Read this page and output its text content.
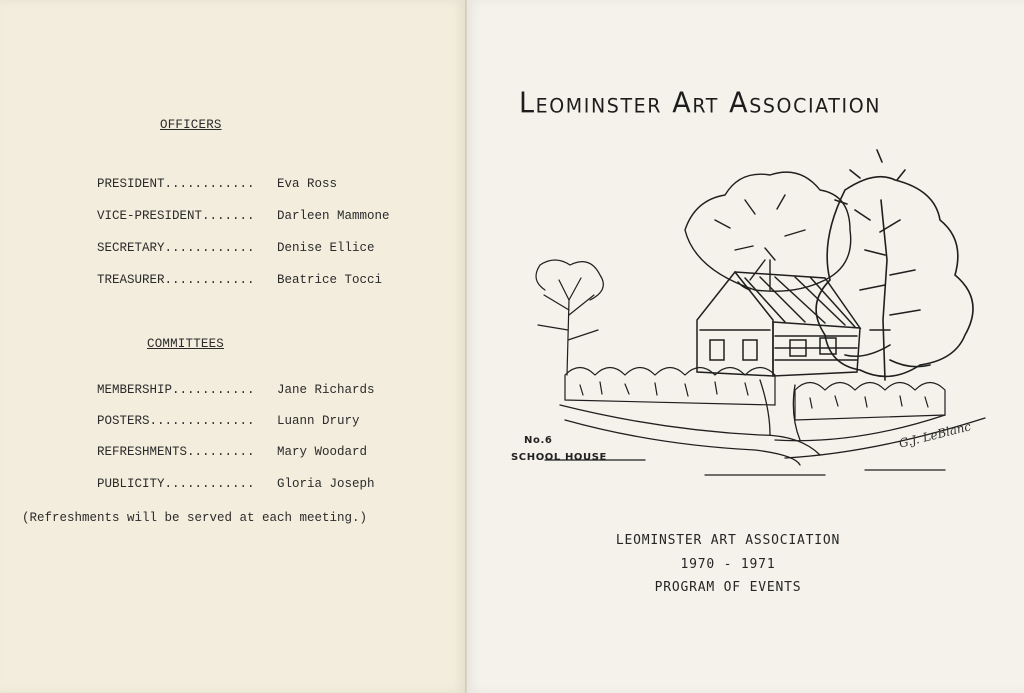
OFFICERS

PRESIDENT............ Eva Ross

VICE-PRESIDENT....... Darleen Mammone

SECRETARY............ Denise Ellice

TREASURER............ Beatrice Tocci

COMMITTEES

MEMBERSHIP........... Jane Richards

POSTERS.............. Luann Drury

REFRESHMENTS......... Mary Woodard

PUBLICITY............ Gloria Joseph

(Refreshments will be served at each meeting.)
Leominster Art Association
No.6
SCHOOL HOUSE
G.J. LeBlanc
LEOMINSTER ART ASSOCIATION
1970 - 1971
PROGRAM OF EVENTS
